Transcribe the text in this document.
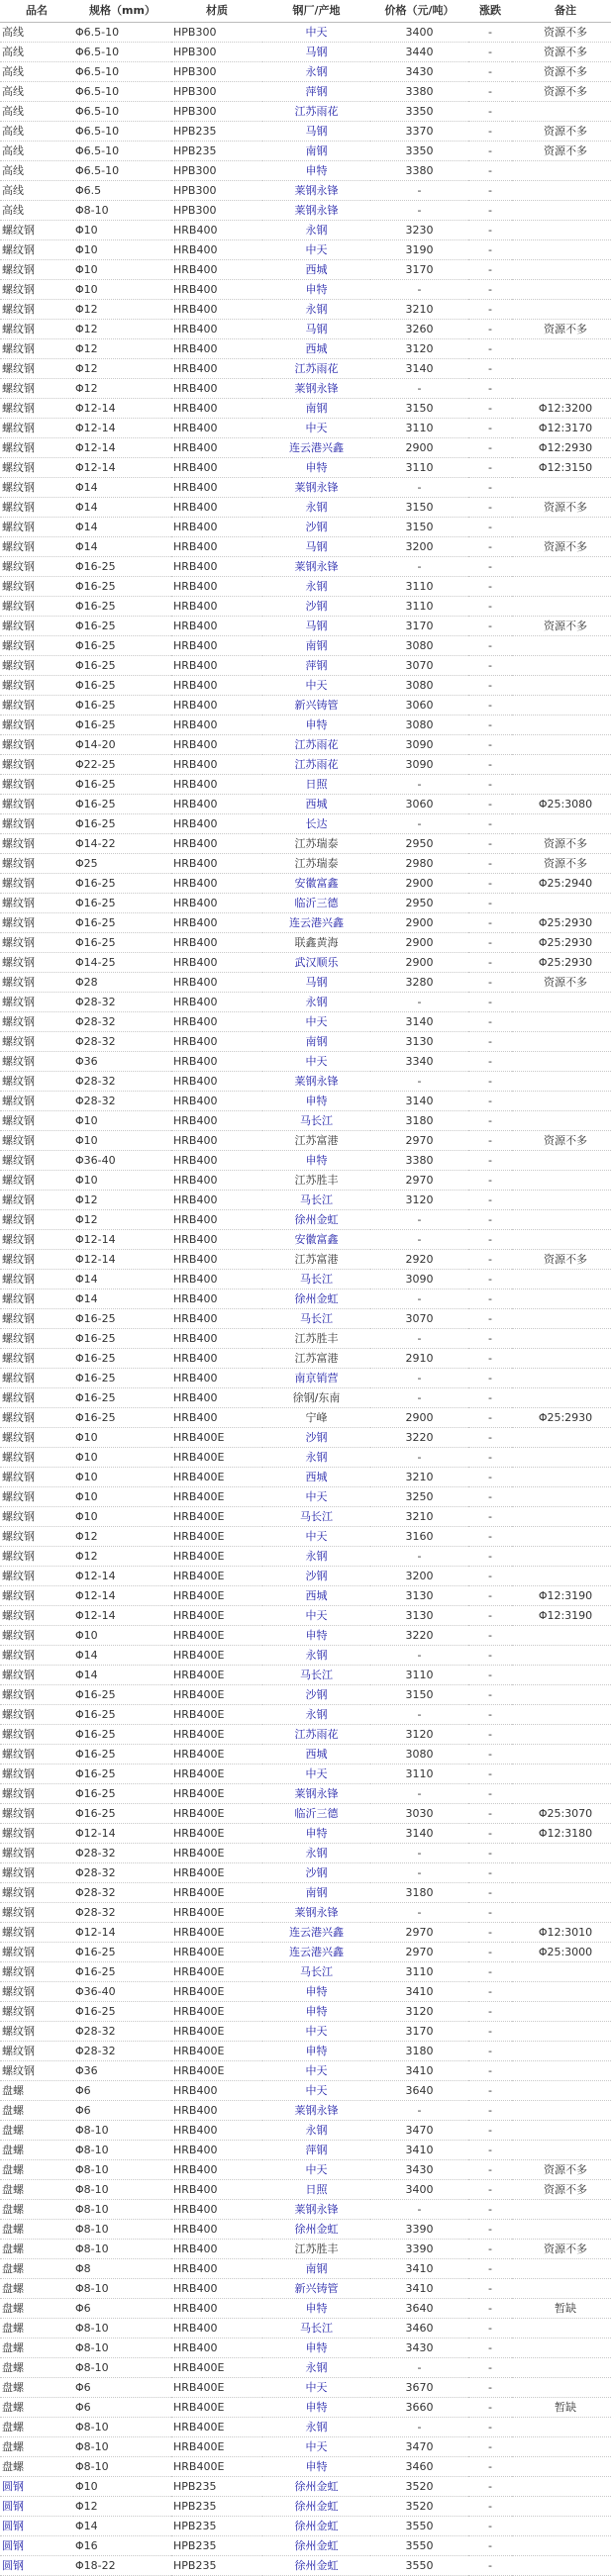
品名	规格（mm）	材质	钢厂/产地	价格（元/吨）	涨跌	备注
高线	Φ6.5-10	HPB300	中天	3400	-	资源不多
高线	Φ6.5-10	HPB300	马钢	3440	-	资源不多
高线	Φ6.5-10	HPB300	永钢	3430	-	资源不多
高线	Φ6.5-10	HPB300	萍钢	3380	-	资源不多
高线	Φ6.5-10	HPB300	江苏雨花	3350	-	
高线	Φ6.5-10	HPB235	马钢	3370	-	资源不多
高线	Φ6.5-10	HPB235	南钢	3350	-	资源不多
高线	Φ6.5-10	HPB300	申特	3380	-	
高线	Φ6.5	HPB300	莱钢永锋	-	-	
高线	Φ8-10	HPB300	莱钢永锋	-	-	
螺纹钢	Φ10	HRB400	永钢	3230	-	
螺纹钢	Φ10	HRB400	中天	3190	-	
螺纹钢	Φ10	HRB400	西城	3170	-	
螺纹钢	Φ10	HRB400	申特	-	-	
螺纹钢	Φ12	HRB400	永钢	3210	-	
螺纹钢	Φ12	HRB400	马钢	3260	-	资源不多
螺纹钢	Φ12	HRB400	西城	3120	-	
螺纹钢	Φ12	HRB400	江苏雨花	3140	-	
螺纹钢	Φ12	HRB400	莱钢永锋	-	-	
螺纹钢	Φ12-14	HRB400	南钢	3150	-	Φ12:3200
螺纹钢	Φ12-14	HRB400	中天	3110	-	Φ12:3170
螺纹钢	Φ12-14	HRB400	连云港兴鑫	2900	-	Φ12:2930
螺纹钢	Φ12-14	HRB400	申特	3110	-	Φ12:3150
螺纹钢	Φ14	HRB400	莱钢永锋	-	-	
螺纹钢	Φ14	HRB400	永钢	3150	-	资源不多
螺纹钢	Φ14	HRB400	沙钢	3150	-	
螺纹钢	Φ14	HRB400	马钢	3200	-	资源不多
螺纹钢	Φ16-25	HRB400	莱钢永锋	-	-	
螺纹钢	Φ16-25	HRB400	永钢	3110	-	
螺纹钢	Φ16-25	HRB400	沙钢	3110	-	
螺纹钢	Φ16-25	HRB400	马钢	3170	-	资源不多
螺纹钢	Φ16-25	HRB400	南钢	3080	-	
螺纹钢	Φ16-25	HRB400	萍钢	3070	-	
螺纹钢	Φ16-25	HRB400	中天	3080	-	
螺纹钢	Φ16-25	HRB400	新兴铸管	3060	-	
螺纹钢	Φ16-25	HRB400	申特	3080	-	
螺纹钢	Φ14-20	HRB400	江苏雨花	3090	-	
螺纹钢	Φ22-25	HRB400	江苏雨花	3090	-	
螺纹钢	Φ16-25	HRB400	日照	-	-	
螺纹钢	Φ16-25	HRB400	西城	3060	-	Φ25:3080
螺纹钢	Φ16-25	HRB400	长达	-	-	
螺纹钢	Φ14-22	HRB400	江苏瑞泰	2950	-	资源不多
螺纹钢	Φ25	HRB400	江苏瑞泰	2980	-	资源不多
螺纹钢	Φ16-25	HRB400	安徽富鑫	2900	-	Φ25:2940
螺纹钢	Φ16-25	HRB400	临沂三德	2950	-	
螺纹钢	Φ16-25	HRB400	连云港兴鑫	2900	-	Φ25:2930
螺纹钢	Φ16-25	HRB400	联鑫黄海	2900	-	Φ25:2930
螺纹钢	Φ14-25	HRB400	武汉顺乐	2900	-	Φ25:2930
螺纹钢	Φ28	HRB400	马钢	3280	-	资源不多
螺纹钢	Φ28-32	HRB400	永钢	-	-	
螺纹钢	Φ28-32	HRB400	中天	3140	-	
螺纹钢	Φ28-32	HRB400	南钢	3130	-	
螺纹钢	Φ36	HRB400	中天	3340	-	
螺纹钢	Φ28-32	HRB400	莱钢永锋	-	-	
螺纹钢	Φ28-32	HRB400	申特	3140	-	
螺纹钢	Φ10	HRB400	马长江	3180	-	
螺纹钢	Φ10	HRB400	江苏富港	2970	-	资源不多
螺纹钢	Φ36-40	HRB400	申特	3380	-	
螺纹钢	Φ10	HRB400	江苏胜丰	2970	-	
螺纹钢	Φ12	HRB400	马长江	3120	-	
螺纹钢	Φ12	HRB400	徐州金虹	-	-	
螺纹钢	Φ12-14	HRB400	安徽富鑫	-	-	
螺纹钢	Φ12-14	HRB400	江苏富港	2920	-	资源不多
螺纹钢	Φ14	HRB400	马长江	3090	-	
螺纹钢	Φ14	HRB400	徐州金虹	-	-	
螺纹钢	Φ16-25	HRB400	马长江	3070	-	
螺纹钢	Φ16-25	HRB400	江苏胜丰	-	-	
螺纹钢	Φ16-25	HRB400	江苏富港	2910	-	
螺纹钢	Φ16-25	HRB400	南京销营	-	-	
螺纹钢	Φ16-25	HRB400	徐钢/东南	-	-	
螺纹钢	Φ16-25	HRB400	宁峰	2900	-	Φ25:2930
螺纹钢	Φ10	HRB400E	沙钢	3220	-	
螺纹钢	Φ10	HRB400E	永钢	-	-	
螺纹钢	Φ10	HRB400E	西城	3210	-	
螺纹钢	Φ10	HRB400E	中天	3250	-	
螺纹钢	Φ10	HRB400E	马长江	3210	-	
螺纹钢	Φ12	HRB400E	中天	3160	-	
螺纹钢	Φ12	HRB400E	永钢	-	-	
螺纹钢	Φ12-14	HRB400E	沙钢	3200	-	
螺纹钢	Φ12-14	HRB400E	西城	3130	-	Φ12:3190
螺纹钢	Φ12-14	HRB400E	中天	3130	-	Φ12:3190
螺纹钢	Φ10	HRB400E	申特	3220	-	
螺纹钢	Φ14	HRB400E	永钢	-	-	
螺纹钢	Φ14	HRB400E	马长江	3110	-	
螺纹钢	Φ16-25	HRB400E	沙钢	3150	-	
螺纹钢	Φ16-25	HRB400E	永钢	-	-	
螺纹钢	Φ16-25	HRB400E	江苏雨花	3120	-	
螺纹钢	Φ16-25	HRB400E	西城	3080	-	
螺纹钢	Φ16-25	HRB400E	中天	3110	-	
螺纹钢	Φ16-25	HRB400E	莱钢永锋	-	-	
螺纹钢	Φ16-25	HRB400E	临沂三德	3030	-	Φ25:3070
螺纹钢	Φ12-14	HRB400E	申特	3140	-	Φ12:3180
螺纹钢	Φ28-32	HRB400E	永钢	-	-	
螺纹钢	Φ28-32	HRB400E	沙钢	-	-	
螺纹钢	Φ28-32	HRB400E	南钢	3180	-	
螺纹钢	Φ28-32	HRB400E	莱钢永锋	-	-	
螺纹钢	Φ12-14	HRB400E	连云港兴鑫	2970	-	Φ12:3010
螺纹钢	Φ16-25	HRB400E	连云港兴鑫	2970	-	Φ25:3000
螺纹钢	Φ16-25	HRB400E	马长江	3110	-	
螺纹钢	Φ36-40	HRB400E	申特	3410	-	
螺纹钢	Φ16-25	HRB400E	申特	3120	-	
螺纹钢	Φ28-32	HRB400E	中天	3170	-	
螺纹钢	Φ28-32	HRB400E	申特	3180	-	
螺纹钢	Φ36	HRB400E	中天	3410	-	
盘螺	Φ6	HRB400	中天	3640	-	
盘螺	Φ6	HRB400	莱钢永锋	-	-	
盘螺	Φ8-10	HRB400	永钢	3470	-	
盘螺	Φ8-10	HRB400	萍钢	3410	-	
盘螺	Φ8-10	HRB400	中天	3430	-	资源不多
盘螺	Φ8-10	HRB400	日照	3400	-	资源不多
盘螺	Φ8-10	HRB400	莱钢永锋	-	-	
盘螺	Φ8-10	HRB400	徐州金虹	3390	-	
盘螺	Φ8-10	HRB400	江苏胜丰	3390	-	资源不多
盘螺	Φ8	HRB400	南钢	3410	-	
盘螺	Φ8-10	HRB400	新兴铸管	3410	-	
盘螺	Φ6	HRB400	申特	3640	-	暂缺
盘螺	Φ8-10	HRB400	马长江	3460	-	
盘螺	Φ8-10	HRB400	申特	3430	-	
盘螺	Φ8-10	HRB400E	永钢	-	-	
盘螺	Φ6	HRB400E	中天	3670	-	
盘螺	Φ6	HRB400E	申特	3660	-	暂缺
盘螺	Φ8-10	HRB400E	永钢	-	-	
盘螺	Φ8-10	HRB400E	中天	3470	-	
盘螺	Φ8-10	HRB400E	申特	3460	-	
圆钢	Φ10	HPB235	徐州金虹	3520	-	
圆钢	Φ12	HPB235	徐州金虹	3520	-	
圆钢	Φ14	HPB235	徐州金虹	3550	-	
圆钢	Φ16	HPB235	徐州金虹	3550	-	
圆钢	Φ18-22	HPB235	徐州金虹	3550	-	
